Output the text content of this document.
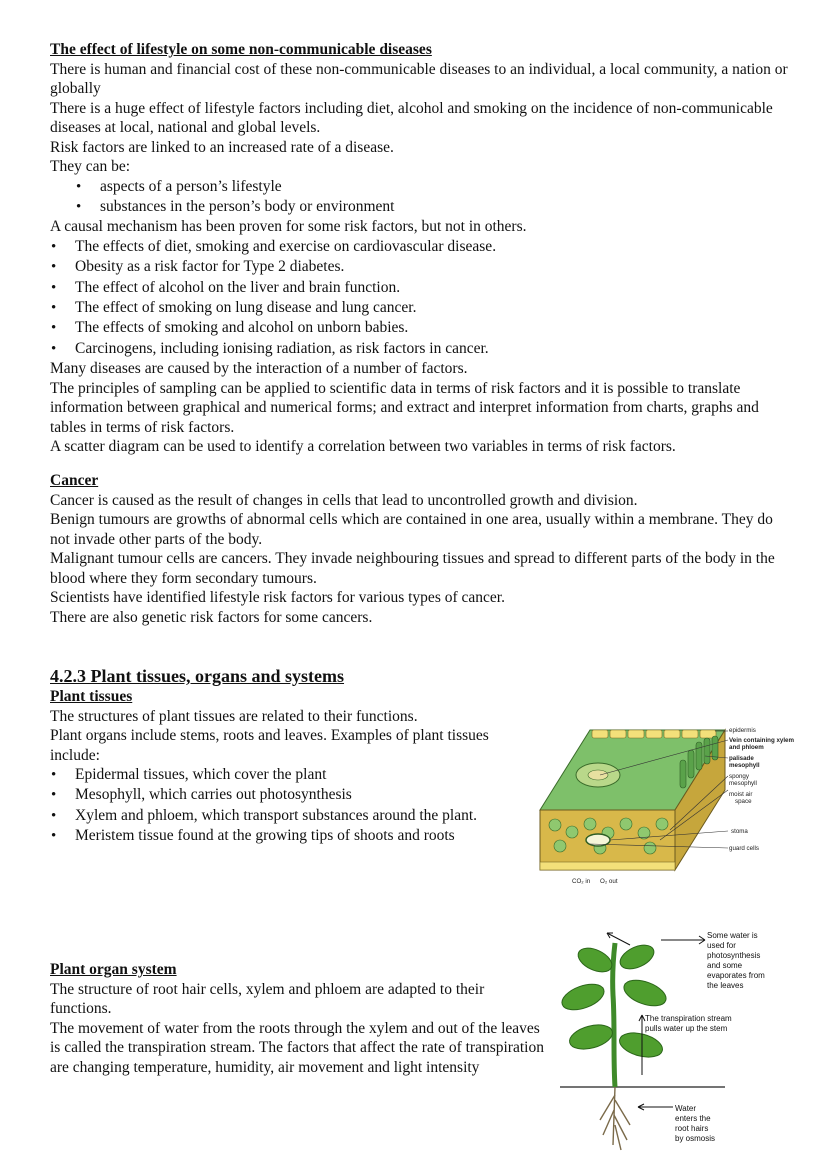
The effect of lifestyle on some non-communicable diseases

There is human and financial cost of these non-communicable diseases to an individual, a local community, a nation or globally

There is a huge effect of lifestyle factors including diet, alcohol and smoking on the incidence of non-communicable diseases at local, national and global levels.

Risk factors are linked to an increased rate of a disease.

They can be:

• aspects of a person’s lifestyle
• substances in the person’s body or environment

A causal mechanism has been proven for some risk factors, but not in others.

• The effects of diet, smoking and exercise on cardiovascular disease.
• Obesity as a risk factor for Type 2 diabetes.
• The effect of alcohol on the liver and brain function.
• The effect of smoking on lung disease and lung cancer.
• The effects of smoking and alcohol on unborn babies.
• Carcinogens, including ionising radiation, as risk factors in cancer.

Many diseases are caused by the interaction of a number of factors.

The principles of sampling can be applied to scientific data in terms of risk factors and it is possible to translate information between graphical and numerical forms; and extract and interpret information from charts, graphs and tables in terms of risk factors.

A scatter diagram can be used to identify a correlation between two variables in terms of risk factors.

Cancer

Cancer is caused as the result of changes in cells that lead to uncontrolled growth and division.

Benign tumours are growths of abnormal cells which are contained in one area, usually within a membrane. They do not invade other parts of the body.

Malignant tumour cells are cancers. They invade neighbouring tissues and spread to different parts of the body in the blood where they form secondary tumours.

Scientists have identified lifestyle risk factors for various types of cancer.

There are also genetic risk factors for some cancers.

4.2.3 Plant tissues, organs and systems

Plant tissues

The structures of plant tissues are related to their functions.

Plant organs include stems, roots and leaves. Examples of plant tissues include:

• Epidermal tissues, which cover the plant
• Mesophyll, which carries out photosynthesis
• Xylem and phloem, which transport substances around the plant.
• Meristem tissue found at the growing tips of shoots and roots

Plant organ system

The structure of root hair cells, xylem and phloem are adapted to their functions.

The movement of water from the roots through the xylem and out of the leaves is called the transpiration stream. The factors that affect the rate of transpiration are changing temperature, humidity, air movement and light intensity

epidermis
Vein containing xylem
and phloem
palisade
mesophyll
spongy
mesophyll
moist air
space
stoma
guard cells
CO₂ in O₂ out
Some water is
used for
photosynthesis
and some
evaporates from
the leaves
The transpiration stream
pulls water up the stem
Water
enters the
root hairs
by osmosis
